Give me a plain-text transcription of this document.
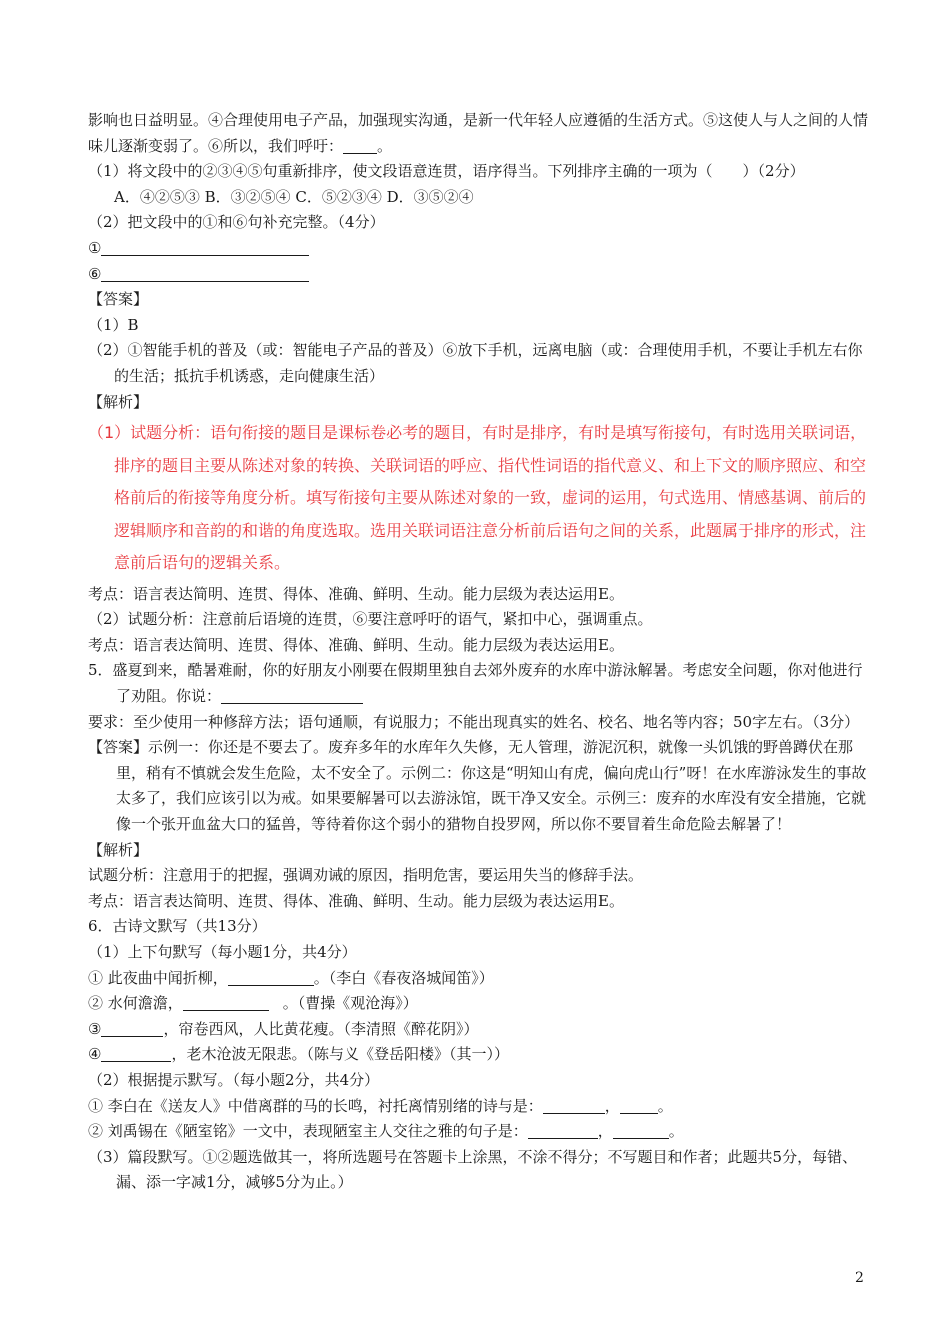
影响也日益明显。④合理使用电子产品，加强现实沟通，是新一代年轻人应遵循的生活方式。⑤这使人与人之间的人情味儿逐渐变弱了。⑥所以，我们呼吁： 。

（1）将文段中的②③④⑤句重新排序，使文段语意连贯，语序得当。下列排序主确的一项为（　　）（2分）

A．④②⑤③ B．③②⑤④ C．⑤②③④ D．③⑤②④

（2）把文段中的①和⑥句补充完整。（4分）

①

⑥

【答案】

（1）B

（2）①智能手机的普及（或：智能电子产品的普及）⑥放下手机，远离电脑（或：合理使用手机，不要让手机左右你的生活；抵抗手机诱惑，走向健康生活）

【解析】

（1）试题分析：语句衔接的题目是课标卷必考的题目，有时是排序，有时是填写衔接句，有时选用关联词语，排序的题目主要从陈述对象的转换、关联词语的呼应、指代性词语的指代意义、和上下文的顺序照应、和空格前后的衔接等角度分析。填写衔接句主要从陈述对象的一致，虚词的运用，句式选用、情感基调、前后的逻辑顺序和音韵的和谐的角度选取。选用关联词语注意分析前后语句之间的关系，此题属于排序的形式，注意前后语句的逻辑关系。

考点：语言表达简明、连贯、得体、准确、鲜明、生动。能力层级为表达运用E。

（2）试题分析：注意前后语境的连贯，⑥要注意呼吁的语气，紧扣中心，强调重点。

考点：语言表达简明、连贯、得体、准确、鲜明、生动。能力层级为表达运用E。

5．盛夏到来，酷暑难耐，你的好朋友小刚要在假期里独自去郊外废弃的水库中游泳解暑。考虑安全问题，你对他进行了劝阻。你说：

要求：至少使用一种修辞方法；语句通顺，有说服力；不能出现真实的姓名、校名、地名等内容；50字左右。（3分）

【答案】示例一：你还是不要去了。废弃多年的水库年久失修，无人管理，游泥沉积，就像一头饥饿的野兽蹲伏在那里，稍有不慎就会发生危险，太不安全了。示例二：你这是“明知山有虎，偏向虎山行”呀！在水库游泳发生的事故太多了，我们应该引以为戒。如果要解暑可以去游泳馆，既干净又安全。示例三：废弃的水库没有安全措施，它就像一个张开血盆大口的猛兽，等待着你这个弱小的猎物自投罗网，所以你不要冒着生命危险去解暑了！

【解析】

试题分析：注意用于的把握，强调劝诫的原因，指明危害，要运用失当的修辞手法。

考点：语言表达简明、连贯、得体、准确、鲜明、生动。能力层级为表达运用E。

6．古诗文默写（共13分）

（1）上下句默写（每小题1分，共4分）

① 此夜曲中闻折柳，	。（李白《春夜洛城闻笛》）

② 水何澹澹，	。（曹操《观沧海》）

③	，帘卷西风，人比黄花瘦。（李清照《醉花阴》）

④	，老木沧波无限悲。（陈与义《登岳阳楼》（其一））

（2）根据提示默写。（每小题2分，共4分）

① 李白在《送友人》中借离群的马的长鸣，衬托离情别绪的诗与是：	，	。

② 刘禹锡在《陋室铭》一文中，表现陋室主人交往之雅的句子是：	，	。

（3）篇段默写。①②题选做其一，将所选题号在答题卡上涂黑，不涂不得分；不写题目和作者；此题共5分，每错、漏、添一字减1分，减够5分为止。）

2
